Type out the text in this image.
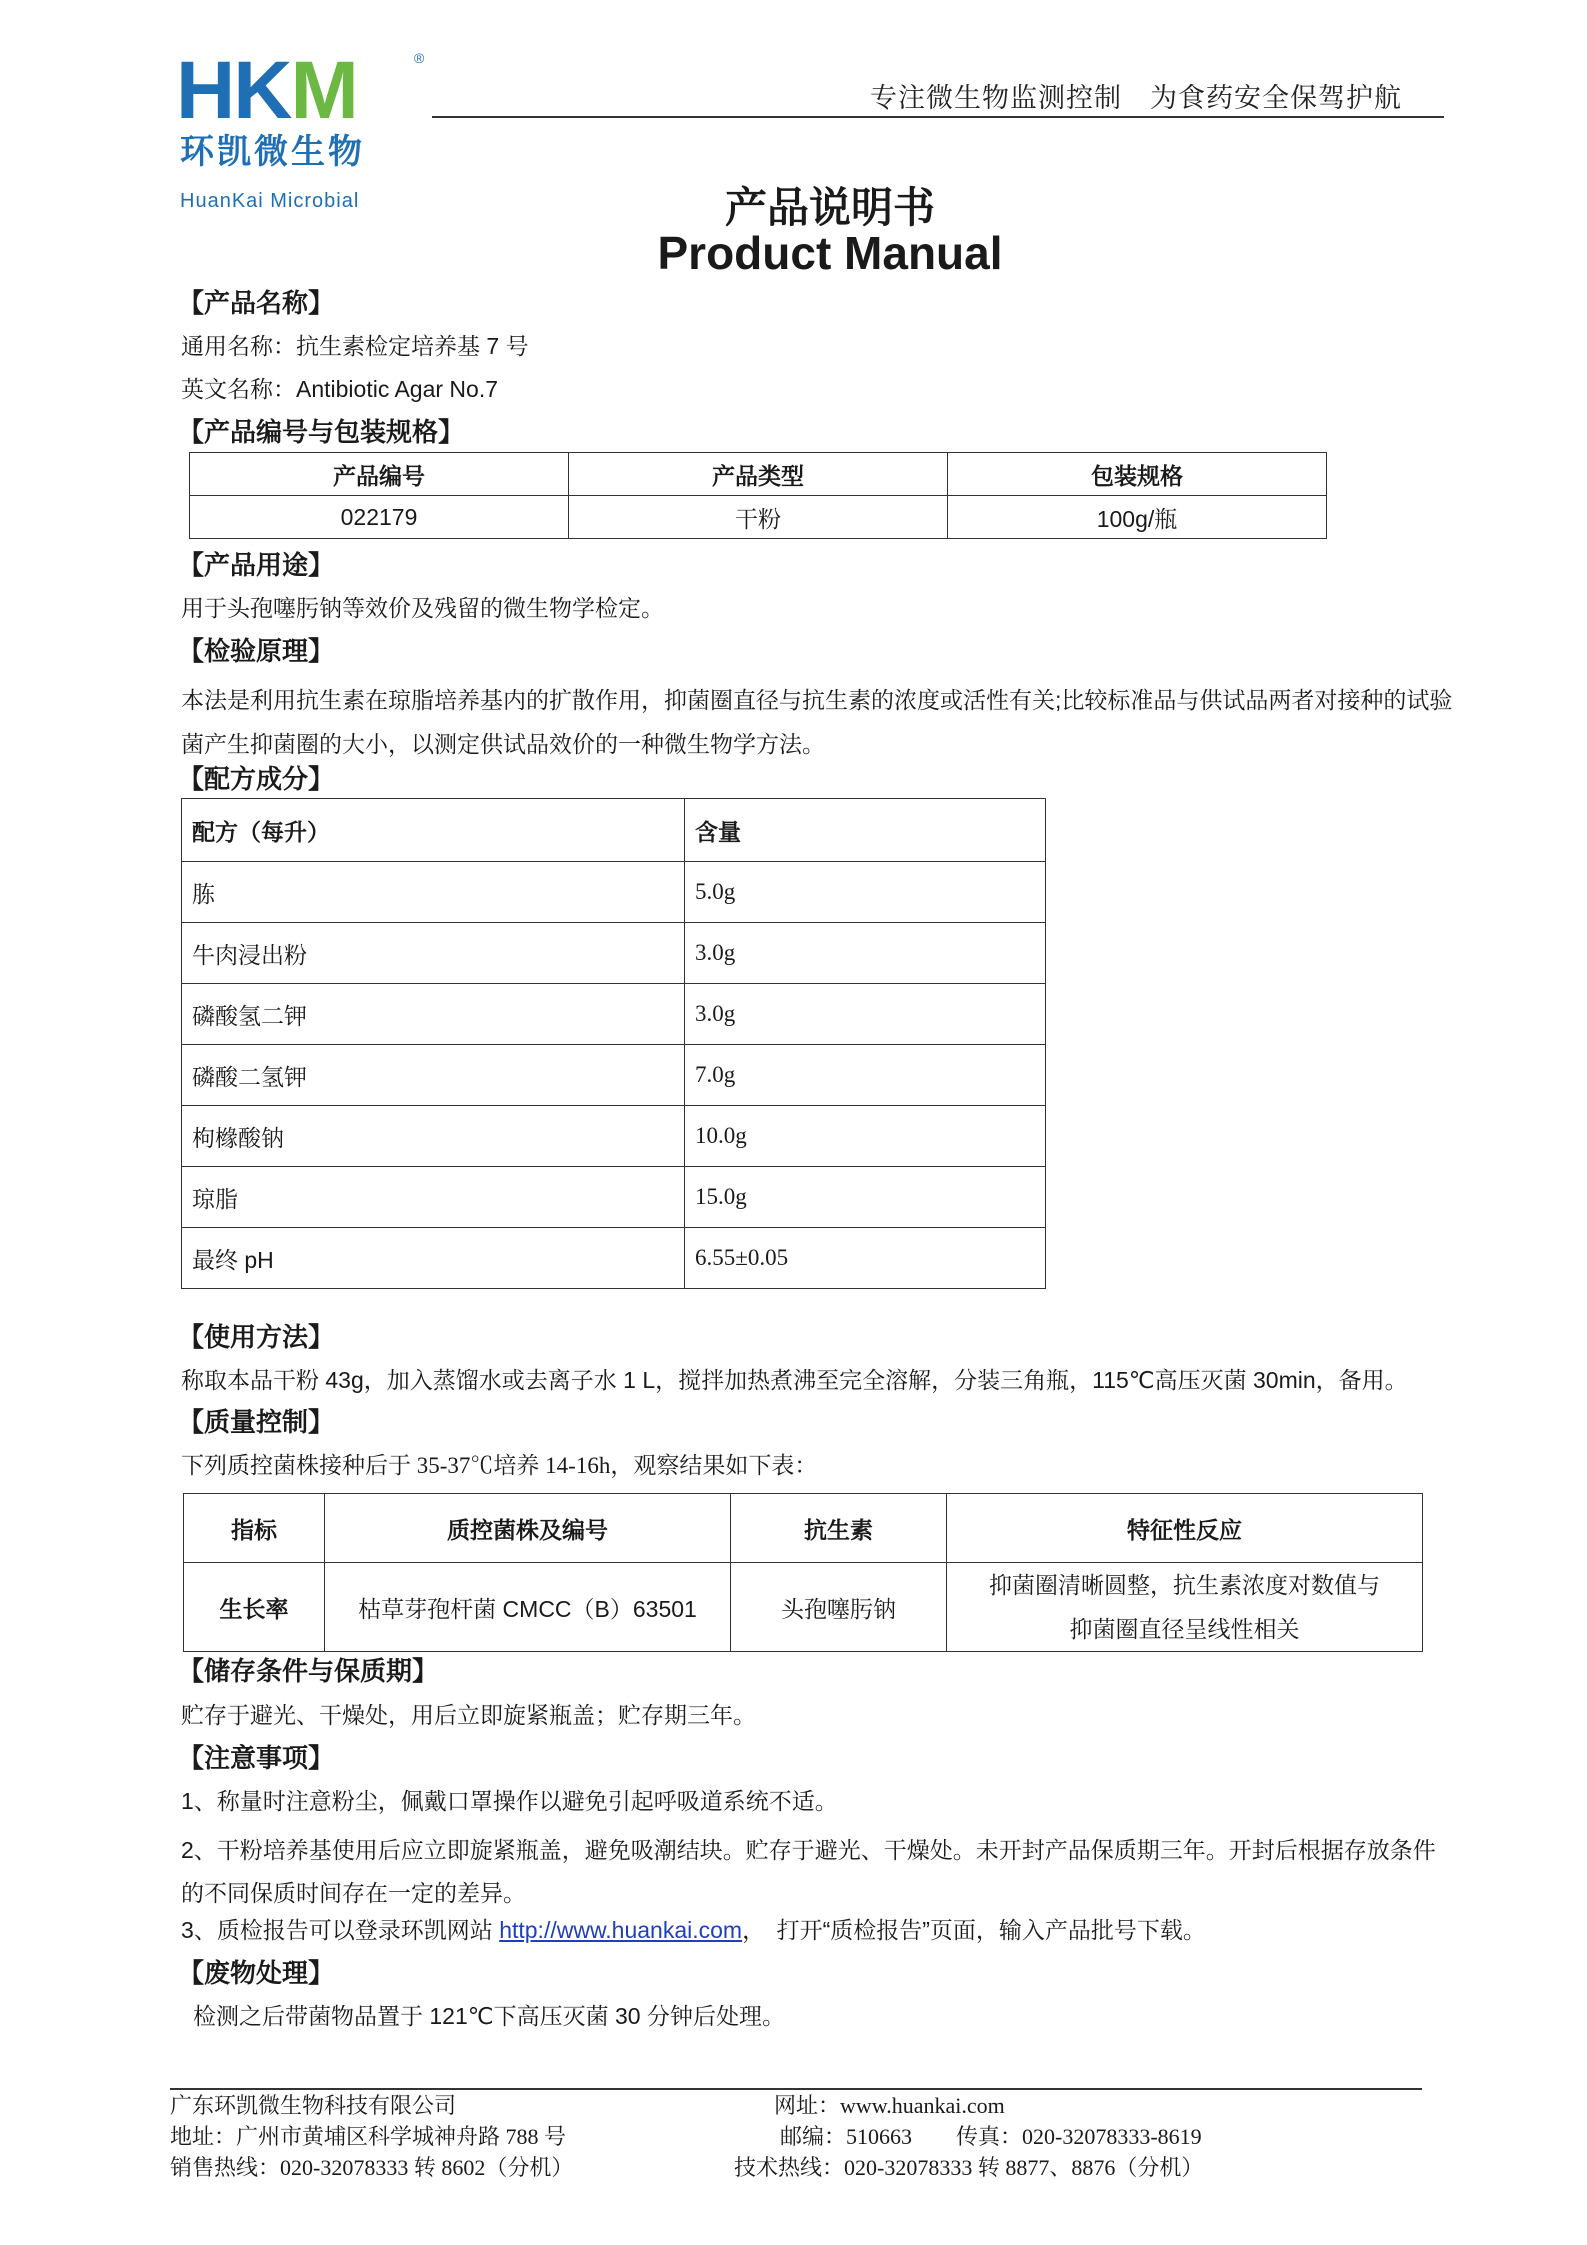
HKM	®
环凯微生物
HuanKai Microbial
专注微生物监测控制　为食药安全保驾护航
产品说明书
Product Manual
【产品名称】
通用名称：抗生素检定培养基 7 号
英文名称：Antibiotic Agar No.7
【产品编号与包装规格】
产品编号	产品类型	包装规格
022179	干粉	100g/瓶
【产品用途】
用于头孢噻肟钠等效价及残留的微生物学检定。
【检验原理】
本法是利用抗生素在琼脂培养基内的扩散作用，抑菌圈直径与抗生素的浓度或活性有关;比较标准品与供试品两者对接种的试验菌产生抑菌圈的大小，以测定供试品效价的一种微生物学方法。
【配方成分】
配方（每升）	含量
胨	5.0g
牛肉浸出粉	3.0g
磷酸氢二钾	3.0g
磷酸二氢钾	7.0g
枸橼酸钠	10.0g
琼脂	15.0g
最终 pH	6.55±0.05
【使用方法】
称取本品干粉 43g，加入蒸馏水或去离子水 1 L，搅拌加热煮沸至完全溶解，分装三角瓶，115℃高压灭菌 30min，备用。
【质量控制】
下列质控菌株接种后于 35-37℃培养 14-16h，观察结果如下表：
指标	质控菌株及编号	抗生素	特征性反应
生长率	枯草芽孢杆菌 CMCC（B）63501	头孢噻肟钠	抑菌圈清晰圆整，抗生素浓度对数值与
抑菌圈直径呈线性相关
【储存条件与保质期】
贮存于避光、干燥处，用后立即旋紧瓶盖；贮存期三年。
【注意事项】
1、称量时注意粉尘，佩戴口罩操作以避免引起呼吸道系统不适。
2、干粉培养基使用后应立即旋紧瓶盖，避免吸潮结块。贮存于避光、干燥处。未开封产品保质期三年。开封后根据存放条件的不同保质时间存在一定的差异。
3、质检报告可以登录环凯网站 http://www.huankai.com，　打开“质检报告”页面，输入产品批号下载。
【废物处理】
检测之后带菌物品置于 121℃下高压灭菌 30 分钟后处理。
广东环凯微生物科技有限公司
地址：广州市黄埔区科学城神舟路 788 号
销售热线：020-32078333 转 8602（分机）
网址：www.huankai.com
邮编：510663　　传真：020-32078333-8619
技术热线：020-32078333 转 8877、8876（分机）
